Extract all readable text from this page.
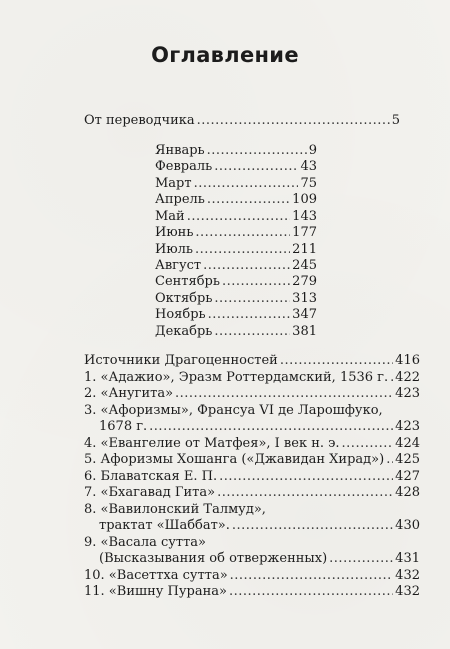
Оглавление
От переводчика .....	5
Январь .....	9
Февраль .....	43
Март .....	75
Апрель .....	109
Май .....	143
Июнь .....	177
Июль .....	211
Август .....	245
Сентябрь .....	279
Октябрь .....	313
Ноябрь .....	347
Декабрь .....	381
Источники Драгоценностей .....	416
1. «Адажио», Эразм Роттердамский, 1536 г. ..... 422
2. «Анугита» .....	423
3. «Афоризмы», Франсуа VI де Ларошфуко,
1678 г. .....	423
4. «Евангелие от Матфея», I век н. э. .....	424
5. Афоризмы Хошанга («Джавидан Хирад») ..... 425
6. Блаватская Е. П. .....	427
7. «Бхагавад Гита» .....	428
8. «Вавилонский Талмуд»,
трактат «Шаббат». .....	430
9. «Васала сутта»
(Высказывания об отверженных) .....	431
10. «Васеттха сутта» .....	432
11. «Вишну Пурана» .....	432
